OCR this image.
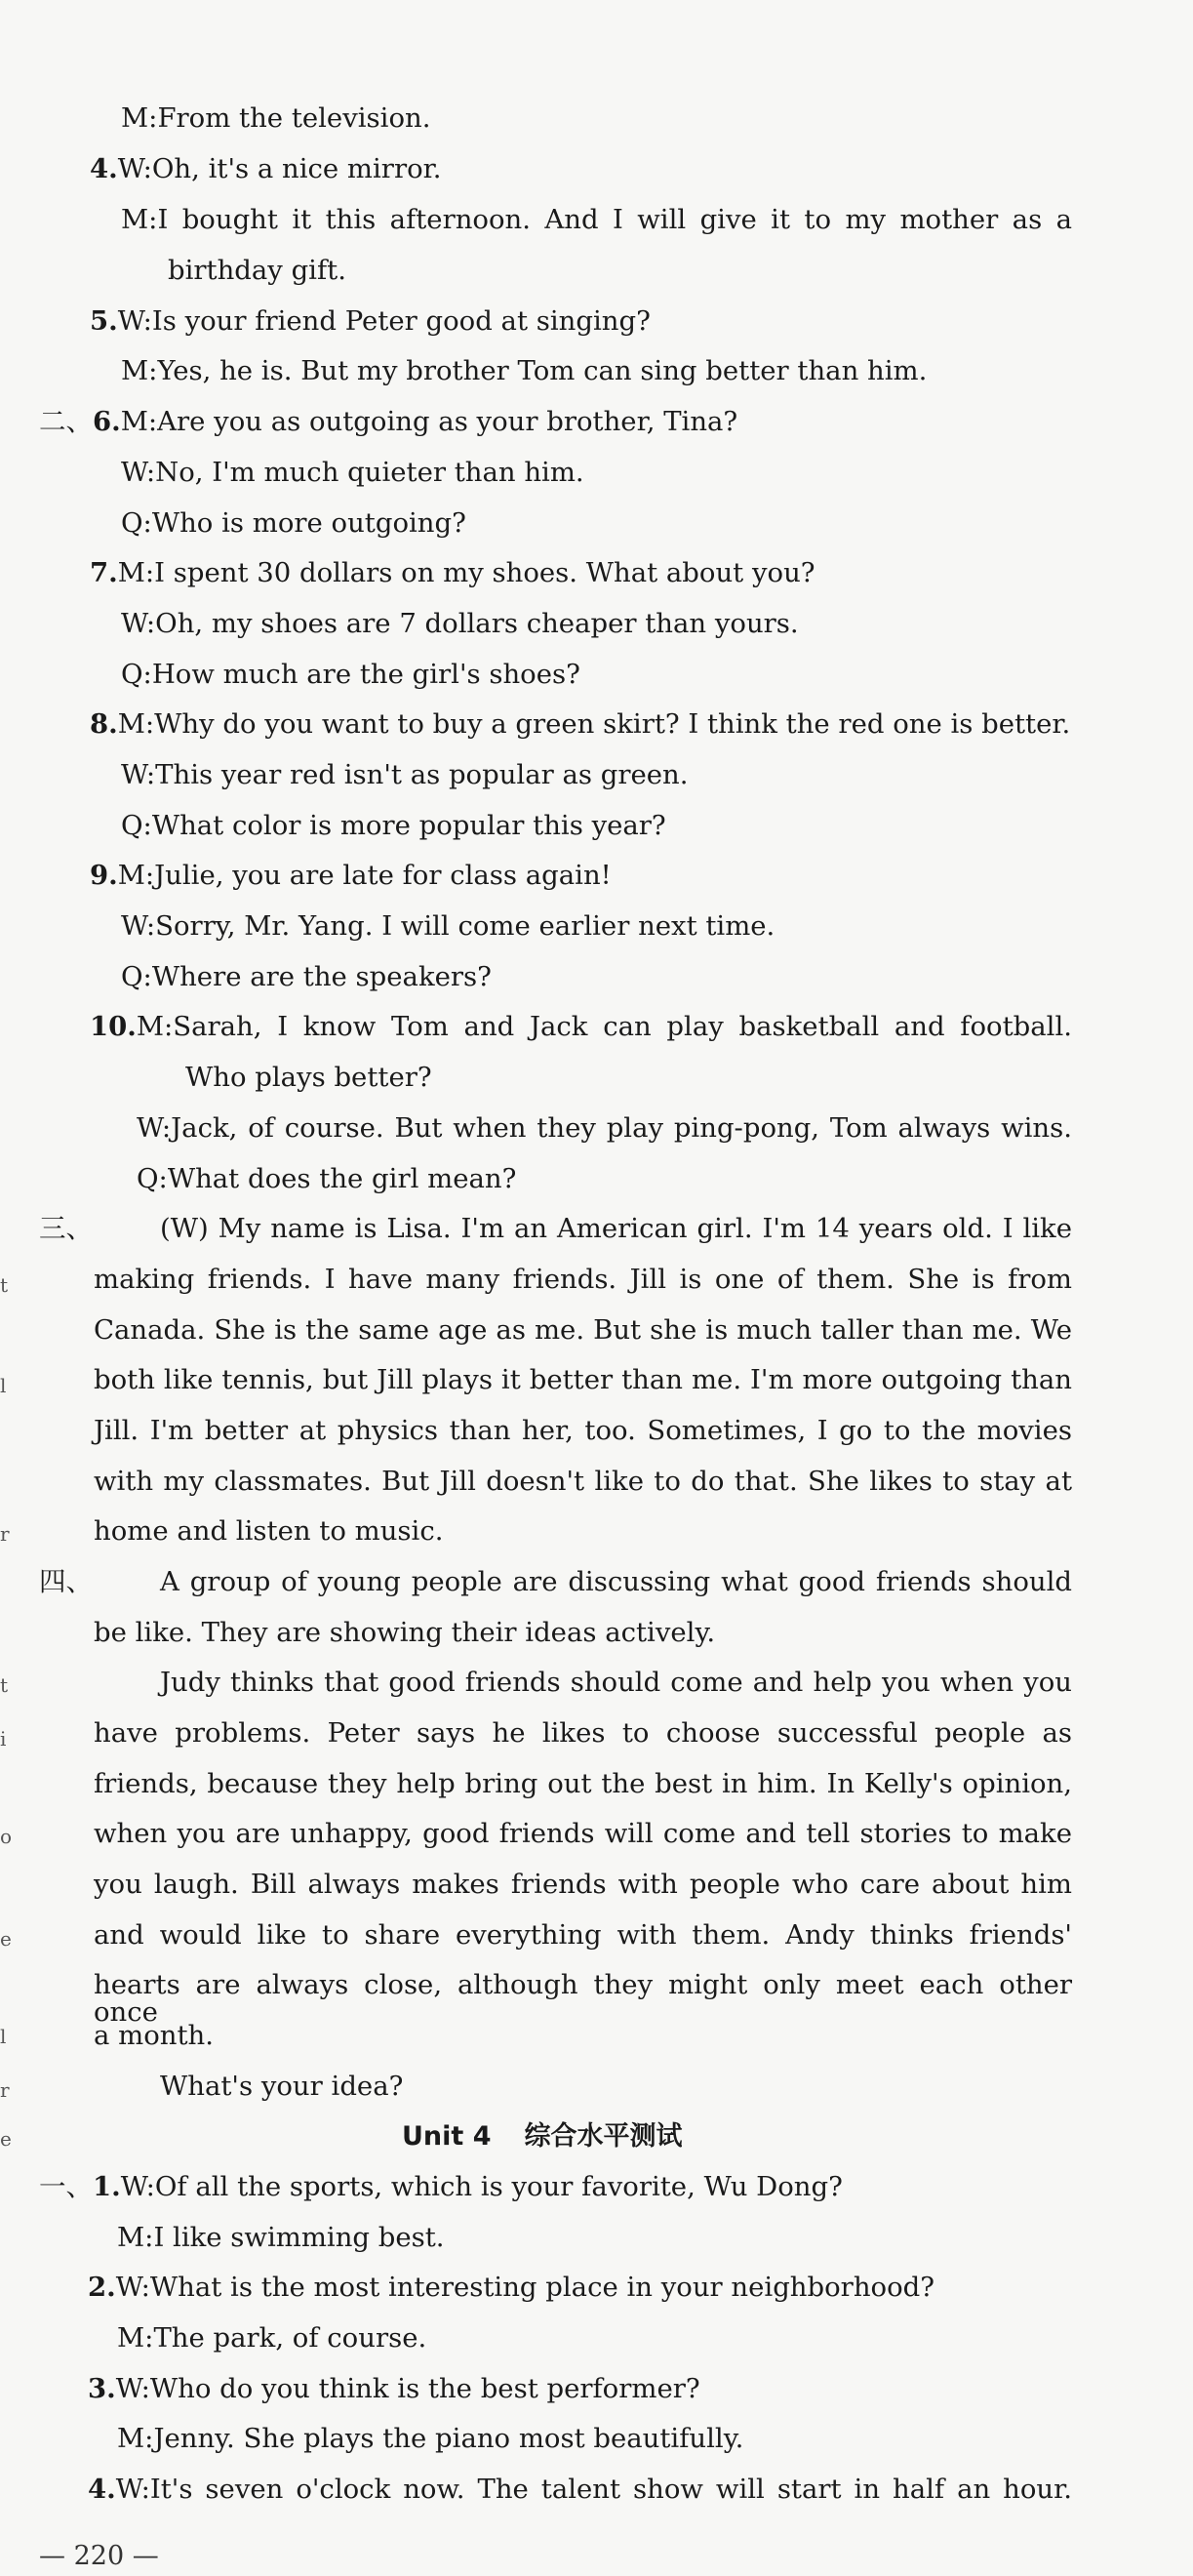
M:From the television.
4.W:Oh, it's a nice mirror.
M:I bought it this afternoon. And I will give it to my mother as a
birthday gift.
5.W:Is your friend Peter good at singing?
M:Yes, he is. But my brother Tom can sing better than him.
二、6.M:Are you as outgoing as your brother, Tina?
W:No, I'm much quieter than him.
Q:Who is more outgoing?
7.M:I spent 30 dollars on my shoes. What about you?
W:Oh, my shoes are 7 dollars cheaper than yours.
Q:How much are the girl's shoes?
8.M:Why do you want to buy a green skirt? I think the red one is better.
W:This year red isn't as popular as green.
Q:What color is more popular this year?
9.M:Julie, you are late for class again!
W:Sorry, Mr. Yang. I will come earlier next time.
Q:Where are the speakers?
10.M:Sarah, I know Tom and Jack can play basketball and football.
Who plays better?
W:Jack, of course. But when they play ping-pong, Tom always wins.
Q:What does the girl mean?
三、	(W) My name is Lisa. I'm an American girl. I'm 14 years old. I like
making friends. I have many friends. Jill is one of them. She is from
Canada. She is the same age as me. But she is much taller than me. We
both like tennis, but Jill plays it better than me. I'm more outgoing than
Jill. I'm better at physics than her, too. Sometimes, I go to the movies
with my classmates. But Jill doesn't like to do that. She likes to stay at
home and listen to music.
四、	A group of young people are discussing what good friends should
be like. They are showing their ideas actively.
Judy thinks that good friends should come and help you when you
have problems. Peter says he likes to choose successful people as
friends, because they help bring out the best in him. In Kelly's opinion,
when you are unhappy, good friends will come and tell stories to make
you laugh. Bill always makes friends with people who care about him
and would like to share everything with them. Andy thinks friends'
hearts are always close, although they might only meet each other once
a month.
What's your idea?
Unit 4 综合水平测试
一、1.W:Of all the sports, which is your favorite, Wu Dong?
M:I like swimming best.
2.W:What is the most interesting place in your neighborhood?
M:The park, of course.
3.W:Who do you think is the best performer?
M:Jenny. She plays the piano most beautifully.
4.W:It's seven o'clock now. The talent show will start in half an hour.
t
l
r
t
i
o
e
l
r
e
— 220 —
